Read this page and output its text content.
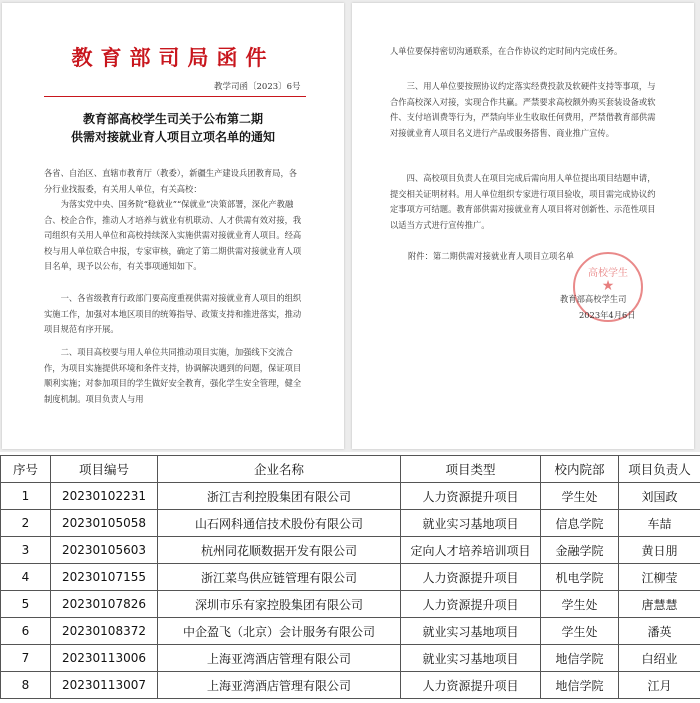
教育部司局函件
教学司函〔2023〕6号
教育部高校学生司关于公布第二期
供需对接就业育人项目立项名单的通知

各省、自治区、直辖市教育厅（教委），新疆生产建设兵团教育局，各分行业找报委，有关用人单位，有关高校：

为落实党中央、国务院“稳就业”“保就业”决策部署，深化产教融合、校企合作，推动人才培养与就业有机联动、人才供需有效对接，我司组织有关用人单位和高校持续深入实施供需对接就业育人项目。经高校与用人单位联合申报，专家审核，确定了第二期供需对接就业育人项目名单，现予以公布，有关事项通知如下。

一、各省级教育行政部门要高度重视供需对接就业育人项目的组织实施工作，加强对本地区项目的统筹指导、政策支持和推进落实，推动项目规范有序开展。

二、项目高校要与用人单位共同推动项目实施，加强线下交流合作，为项目实施提供环境和条件支持，协调解决遇到的问题，保证项目顺利实施；对参加项目的学生做好安全教育，强化学生安全管理，健全制度机制。项目负责人与用

人单位要保持密切沟通联系，在合作协议约定时间内完成任务。

三、用人单位要按照协议约定落实经费投款及软硬件支持等事项，与合作高校深入对接，实现合作共赢。严禁要求高校额外购买套装设备或软件、支付培训费等行为，严禁向毕业生收取任何费用，严禁借教育部供需对接就业育人项目名义进行产品或服务搭售、商业推广宣传。

四、高校项目负责人在项目完成后需向用人单位提出项目结题申请，提交相关证明材料。用人单位组织专家进行项目验收，项目需完成协议约定事项方可结题。教育部供需对接就业育人项目将对创新性、示范性项目以适当方式进行宣传推广。

附件：第二期供需对接就业育人项目立项名单
高校学生
★
教育部高校学生司
2023年4月6日
序号	项目编号	企业名称	项目类型	校内院部	项目负责人
1	20230102231	浙江吉利控股集团有限公司	人力资源提升项目	学生处	刘国政
2	20230105058	山石网科通信技术股份有限公司	就业实习基地项目	信息学院	车喆
3	20230105603	杭州同花顺数据开发有限公司	定向人才培养培训项目	金融学院	黄日朋
4	20230107155	浙江菜鸟供应链管理有限公司	人力资源提升项目	机电学院	江柳莹
5	20230107826	深圳市乐有家控股集团有限公司	人力资源提升项目	学生处	唐慧慧
6	20230108372	中企盈飞（北京）会计服务有限公司	就业实习基地项目	学生处	潘英
7	20230113006	上海亚湾酒店管理有限公司	就业实习基地项目	地信学院	白绍业
8	20230113007	上海亚湾酒店管理有限公司	人力资源提升项目	地信学院	江月
